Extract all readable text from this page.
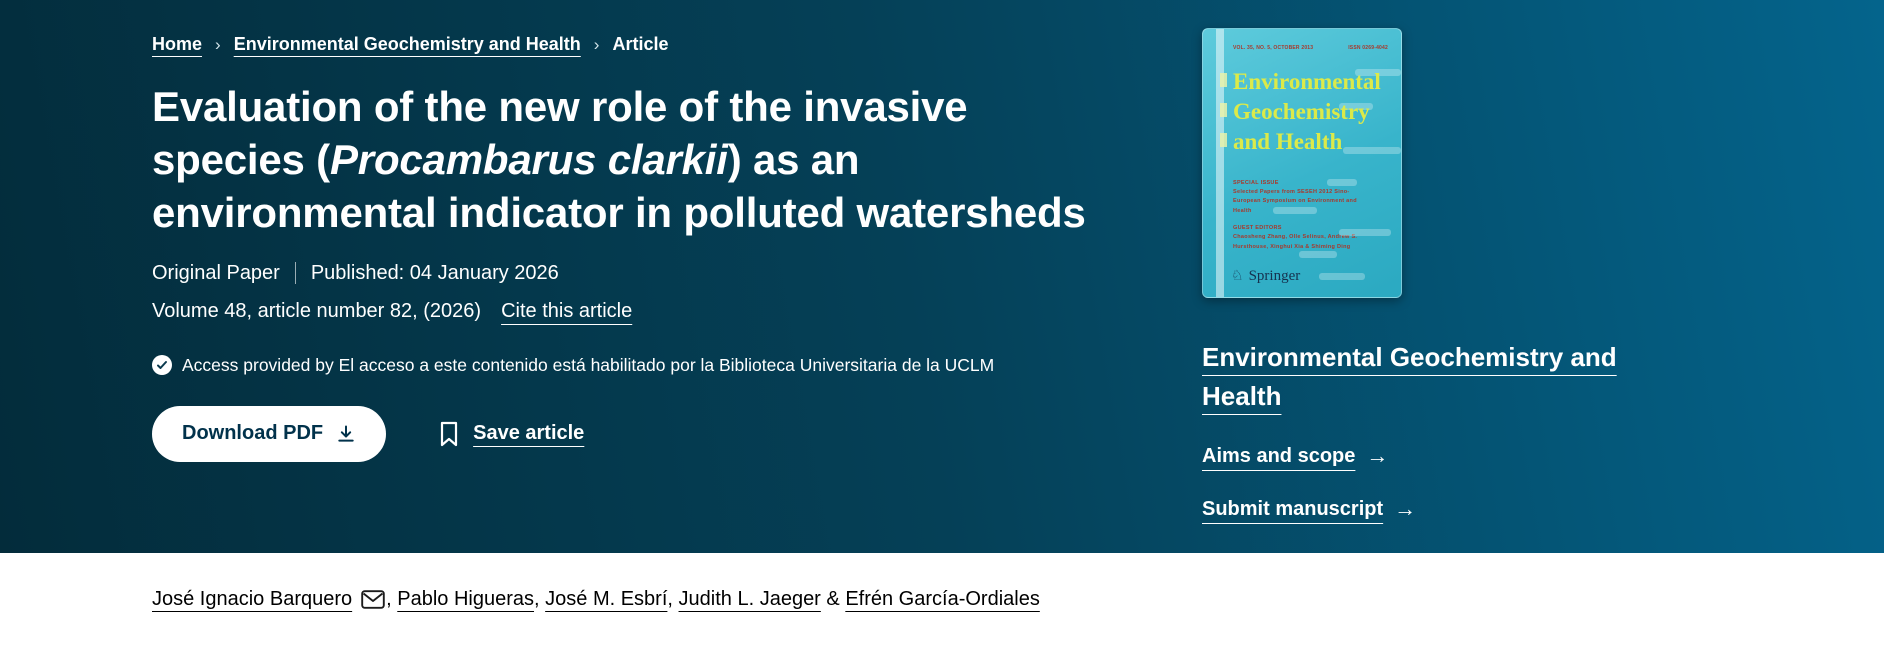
Home › Environmental Geochemistry and Health › Article
Evaluation of the new role of the invasive species (Procambarus clarkii) as an environmental indicator in polluted watersheds
Original Paper Published: 04 January 2026
Volume 48, article number 82, (2026) Cite this article
Access provided by El acceso a este contenido está habilitado por la Biblioteca Universitaria de la UCLM
Download PDF	Save article
VOL. 35, NO. 5, OCTOBER 2013	ISSN 0269-4042
Environmental
Geochemistry
and Health
SPECIAL ISSUE
Selected Papers from SESEH 2012 Sino-European Symposium on Environment and Health
GUEST EDITORS
Chaosheng Zhang, Olle Selinus, Andrew S. Hursthouse, Xinghui Xia & Shiming Ding
♘ Springer
Environmental Geochemistry and Health
Aims and scope →
Submit manuscript →
José Ignacio Barquero , Pablo Higueras, José M. Esbrí, Judith L. Jaeger & Efrén García-Ordiales
